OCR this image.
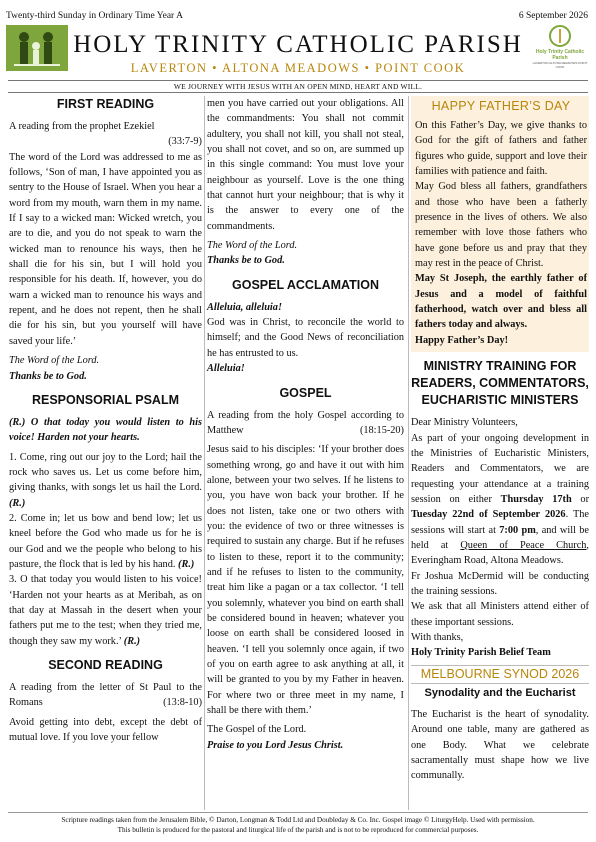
Twenty-third Sunday in Ordinary Time Year A	6 September 2026
Holy Trinity Catholic Parish
LAVERTON ALTONA MEADOWS POINT COOK
HOLY TRINITY CATHOLIC PARISH
LAVERTON • ALTONA MEADOWS • POINT COOK
WE JOURNEY WITH JESUS WITH AN OPEN MIND, HEART AND WILL.
FIRST READING

A reading from the prophet Ezekiel

(33:7-9)

The word of the Lord was addressed to me as follows, ‘Son of man, I have appointed you as sentry to the House of Israel. When you hear a word from my mouth, warn them in my name. If I say to a wicked man: Wicked wretch, you are to die, and you do not speak to warn the wicked man to renounce his ways, then he shall die for his sin, but I will hold you responsible for his death. If, however, you do warn a wicked man to renounce his ways and repent, and he does not repent, then he shall die for his sin, but you yourself will have saved your life.’

The Word of the Lord.

Thanks be to God.

RESPONSORIAL PSALM

(R.) O that today you would listen to his voice! Harden not your hearts.

1. Come, ring out our joy to the Lord; hail the rock who saves us. Let us come before him, giving thanks, with songs let us hail the Lord. (R.)

2. Come in; let us bow and bend low; let us kneel before the God who made us for he is our God and we the people who belong to his pasture, the flock that is led by his hand. (R.)

3. O that today you would listen to his voice! ‘Harden not your hearts as at Meribah, as on that day at Massah in the desert when your fathers put me to the test; when they tried me, though they saw my work.’ (R.)

SECOND READING

A reading from the letter of St Paul to the Romans	(13:8-10)

Avoid getting into debt, except the debt of mutual love. If you love your fellow

men you have carried out your obligations. All the commandments: You shall not commit adultery, you shall not kill, you shall not steal, you shall not covet, and so on, are summed up in this single command: You must love your neighbour as yourself. Love is the one thing that cannot hurt your neighbour; that is why it is the answer to every one of the commandments.

The Word of the Lord.

Thanks be to God.

GOSPEL ACCLAMATION

Alleluia, alleluia!

God was in Christ, to reconcile the world to himself; and the Good News of reconciliation he has entrusted to us.

Alleluia!

GOSPEL

A reading from the holy Gospel according to Matthew	(18:15-20)

Jesus said to his disciples: ‘If your brother does something wrong, go and have it out with him alone, between your two selves. If he listens to you, you have won back your brother. If he does not listen, take one or two others with you: the evidence of two or three witnesses is required to sustain any charge. But if he refuses to listen to these, report it to the community; and if he refuses to listen to the community, treat him like a pagan or a tax collector. ‘I tell you solemnly, whatever you bind on earth shall be considered bound in heaven; whatever you loose on earth shall be considered loosed in heaven. ‘I tell you solemnly once again, if two of you on earth agree to ask anything at all, it will be granted to you by my Father in heaven. For where two or three meet in my name, I shall be there with them.’

The Gospel of the Lord.

Praise to you Lord Jesus Christ.

HAPPY FATHER’S DAY

On this Father’s Day, we give thanks to God for the gift of fathers and father figures who guide, support and love their families with patience and faith.

May God bless all fathers, grandfathers and those who have been a fatherly presence in the lives of others. We also remember with love those fathers who have gone before us and pray that they may rest in the peace of Christ.

May St Joseph, the earthly father of Jesus and a model of faithful fatherhood, watch over and bless all fathers today and always.

Happy Father’s Day!

MINISTRY TRAINING FOR READERS, COMMENTATORS, EUCHARISTIC MINISTERS

Dear Ministry Volunteers,

As part of your ongoing development in the Ministries of Eucharistic Ministers, Readers and Commentators, we are requesting your attendance at a training session on either Thursday 17th or Tuesday 22nd of September 2026. The sessions will start at 7:00 pm, and will be held at Queen of Peace Church, Everingham Road, Altona Meadows.

Fr Joshua McDermid will be conducting the training sessions.

We ask that all Ministers attend either of these important sessions.

With thanks,

Holy Trinity Parish Belief Team

MELBOURNE SYNOD 2026
Synodality and the Eucharist

The Eucharist is the heart of synodality. Around one table, many are gathered as one Body. What we celebrate sacramentally must shape how we live communally.

Scripture readings taken from the Jerusalem Bible, © Darton, Longman & Todd Ltd and Doubleday & Co. Inc. Gospel image © LiturgyHelp. Used with permission.
This bulletin is produced for the pastoral and liturgical life of the parish and is not to be reproduced for commercial purposes.
